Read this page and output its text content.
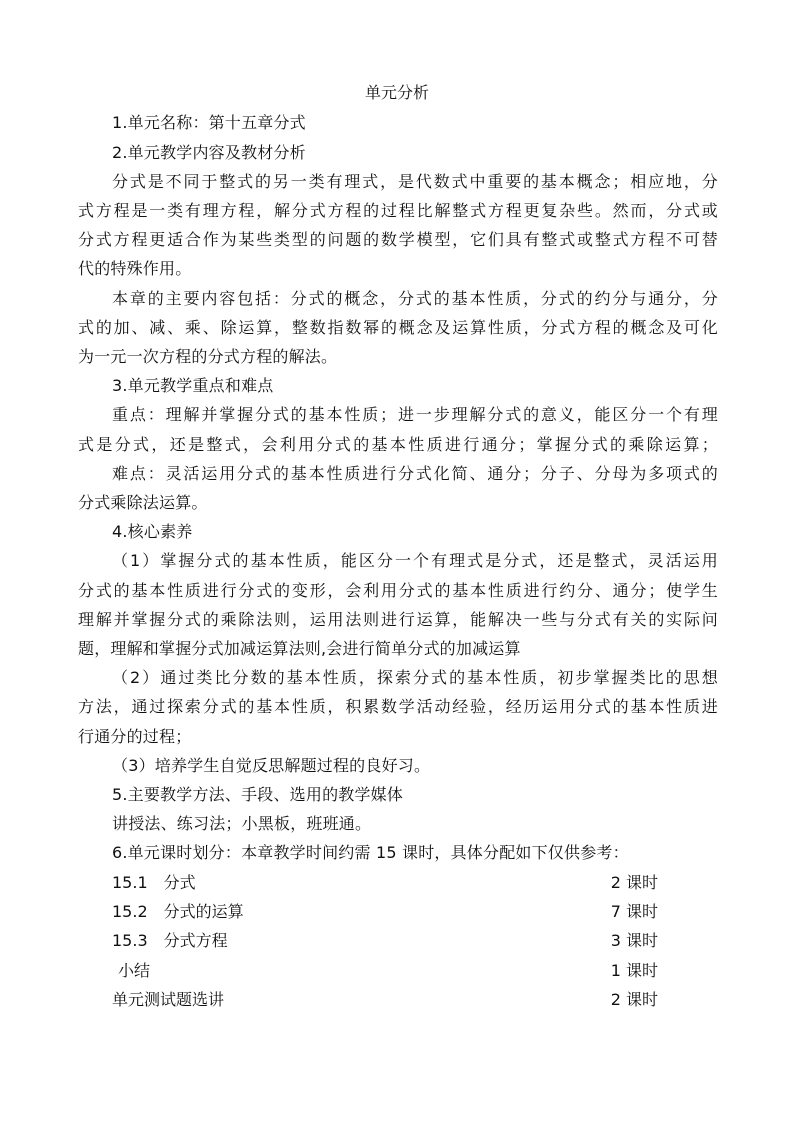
单元分析
1.单元名称：第十五章分式
2.单元教学内容及教材分析
分式是不同于整式的另一类有理式，是代数式中重要的基本概念；相应地，分
式方程是一类有理方程，解分式方程的过程比解整式方程更复杂些。然而，分式或
分式方程更适合作为某些类型的问题的数学模型，它们具有整式或整式方程不可替
代的特殊作用。
本章的主要内容包括：分式的概念，分式的基本性质，分式的约分与通分，分
式的加、减、乘、除运算，整数指数幂的概念及运算性质，分式方程的概念及可化
为一元一次方程的分式方程的解法。
3.单元教学重点和难点
重点：理解并掌握分式的基本性质；进一步理解分式的意义，能区分一个有理
式是分式，还是整式，会利用分式的基本性质进行通分；掌握分式的乘除运算；
难点：灵活运用分式的基本性质进行分式化简、通分；分子、分母为多项式的
分式乘除法运算。
4.核心素养
（1）掌握分式的基本性质，能区分一个有理式是分式，还是整式，灵活运用
分式的基本性质进行分式的变形，会利用分式的基本性质进行约分、通分；使学生
理解并掌握分式的乘除法则，运用法则进行运算，能解决一些与分式有关的实际问
题，理解和掌握分式加减运算法则,会进行简单分式的加减运算
（2）通过类比分数的基本性质，探索分式的基本性质，初步掌握类比的思想
方法，通过探索分式的基本性质，积累数学活动经验，经历运用分式的基本性质进
行通分的过程；
（3）培养学生自觉反思解题过程的良好习。
5.主要教学方法、手段、选用的教学媒体
讲授法、练习法；小黑板，班班通。
6.单元课时划分：本章教学时间约需 15 课时，具体分配如下仅供参考：
15.1　分式	2 课时
15.2　分式的运算	7 课时
15.3　分式方程	3 课时
小结	1 课时
单元测试题选讲	2 课时
